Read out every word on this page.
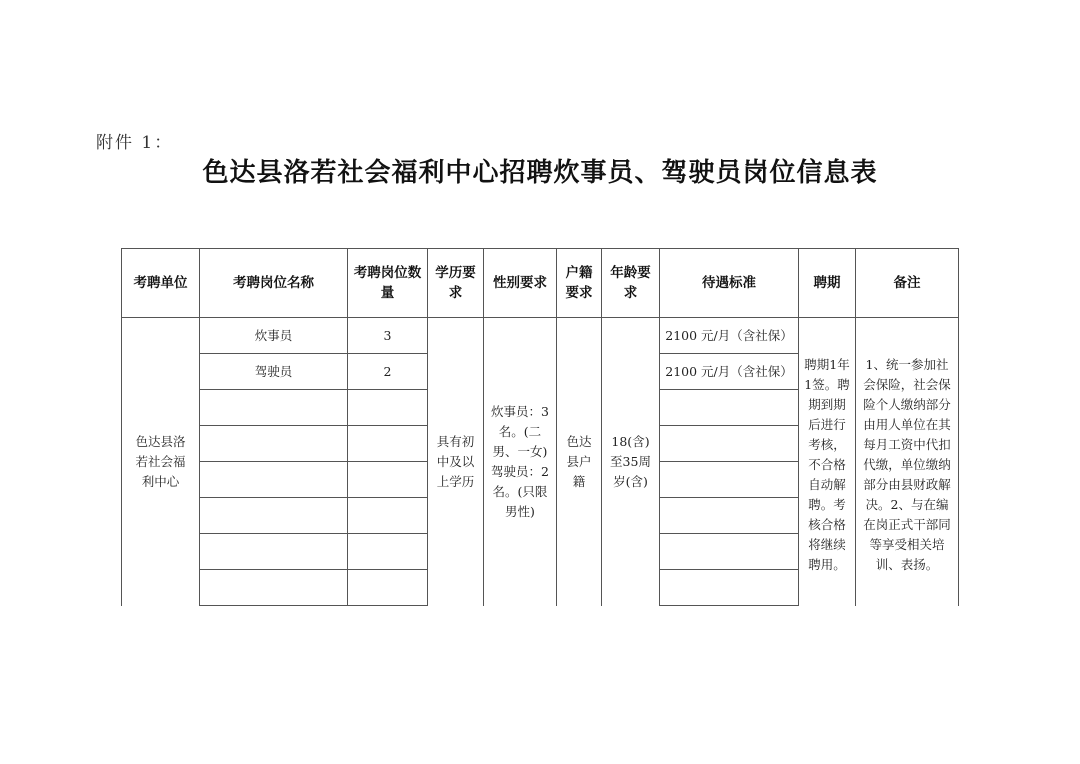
附件 1：
色达县洛若社会福利中心招聘炊事员、驾驶员岗位信息表
考聘单位	考聘岗位名称	考聘岗位数量	学历要求	性别要求	户籍要求	年龄要求	待遇标准	聘期	备注

色达县洛若社会福利中心	炊事员	3	具有初中及以上学历	炊事员：3 名。(二男、一女)驾驶员：2 名。(只限男性)	色达县户籍	18(含)至35周岁(含)	2100 元/月（含社保）	聘期1年1签。聘期到期后进行考核，不合格自动解聘。考核合格将继续聘用。	1、统一参加社会保险，社会保险个人缴纳部分由用人单位在其每月工资中代扣代缴，单位缴纳部分由县财政解决。2、与在编在岗正式干部同等享受相关培训、表扬。

	驾驶员	2					2100 元/月（含社保）		
